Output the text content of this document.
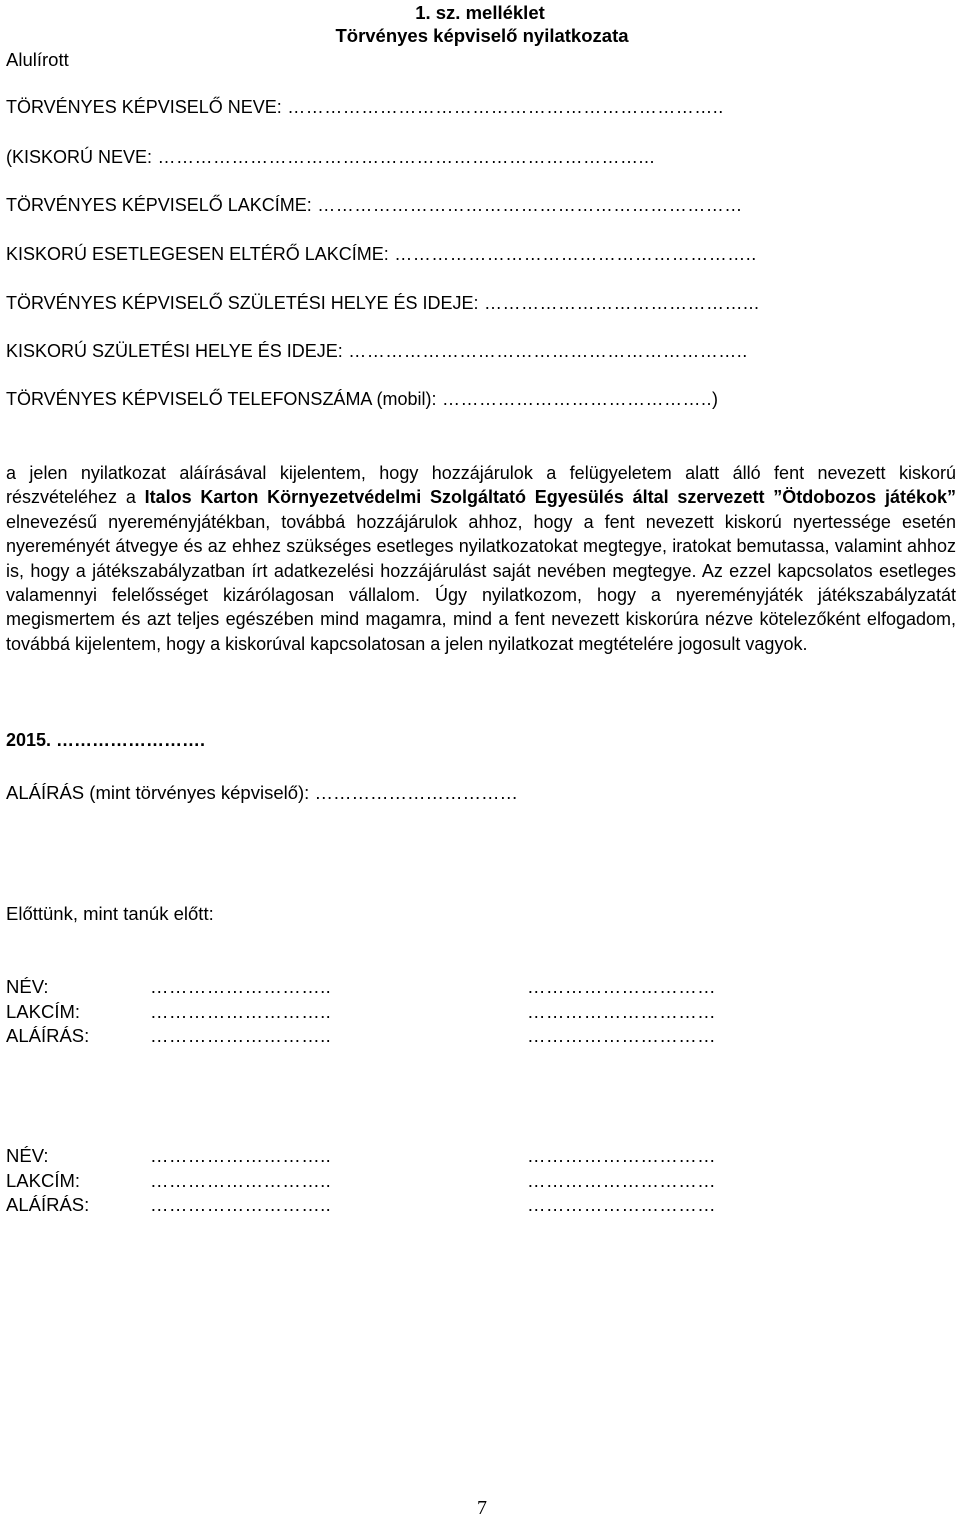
1. sz. melléklet
Törvényes képviselő nyilatkozata
Alulírott
TÖRVÉNYES KÉPVISELŐ NEVE: ……………………………………………………………..
(KISKORÚ NEVE: ……………………………………………………………………...
TÖRVÉNYES KÉPVISELŐ LAKCÍME: ……………………………………………………………
KISKORÚ ESETLEGESEN ELTÉRŐ LAKCÍME: …………………………………………………..
TÖRVÉNYES KÉPVISELŐ SZÜLETÉSI HELYE ÉS IDEJE: ……………………………………...
KISKORÚ SZÜLETÉSI HELYE ÉS IDEJE: ………………………………………………………..
TÖRVÉNYES KÉPVISELŐ TELEFONSZÁMA (mobil): ……………………………………..)
a jelen nyilatkozat aláírásával kijelentem, hogy hozzájárulok a felügyeletem alatt álló fent nevezett kiskorú részvételéhez a Italos Karton Környezetvédelmi Szolgáltató Egyesülés által szervezett ”Ötdobozos játékok” elnevezésű nyereményjátékban, továbbá hozzájárulok ahhoz, hogy a fent nevezett kiskorú nyertessége esetén nyereményét átvegye és az ehhez szükséges esetleges nyilatkozatokat megtegye, iratokat bemutassa, valamint ahhoz is, hogy a játékszabályzatban írt adatkezelési hozzájárulást saját nevében megtegye. Az ezzel kapcsolatos esetleges valamennyi felelősséget kizárólagosan vállalom. Úgy nyilatkozom, hogy a nyereményjáték játékszabályzatát megismertem és azt teljes egészében mind magamra, mind a fent nevezett kiskorúra nézve kötelezőként elfogadom, továbbá kijelentem, hogy a kiskorúval kapcsolatosan a jelen nyilatkozat megtételére jogosult vagyok.
2015. …………………….
ALÁÍRÁS (mint törvényes képviselő): ……………………………
Előttünk, mint tanúk előtt:
NÉV:	………………………..	…………………………
LAKCÍM:	………………………..	…………………………
ALÁÍRÁS:	………………………..	…………………………
NÉV:	………………………..	…………………………
LAKCÍM:	………………………..	…………………………
ALÁÍRÁS:	………………………..	…………………………
7
